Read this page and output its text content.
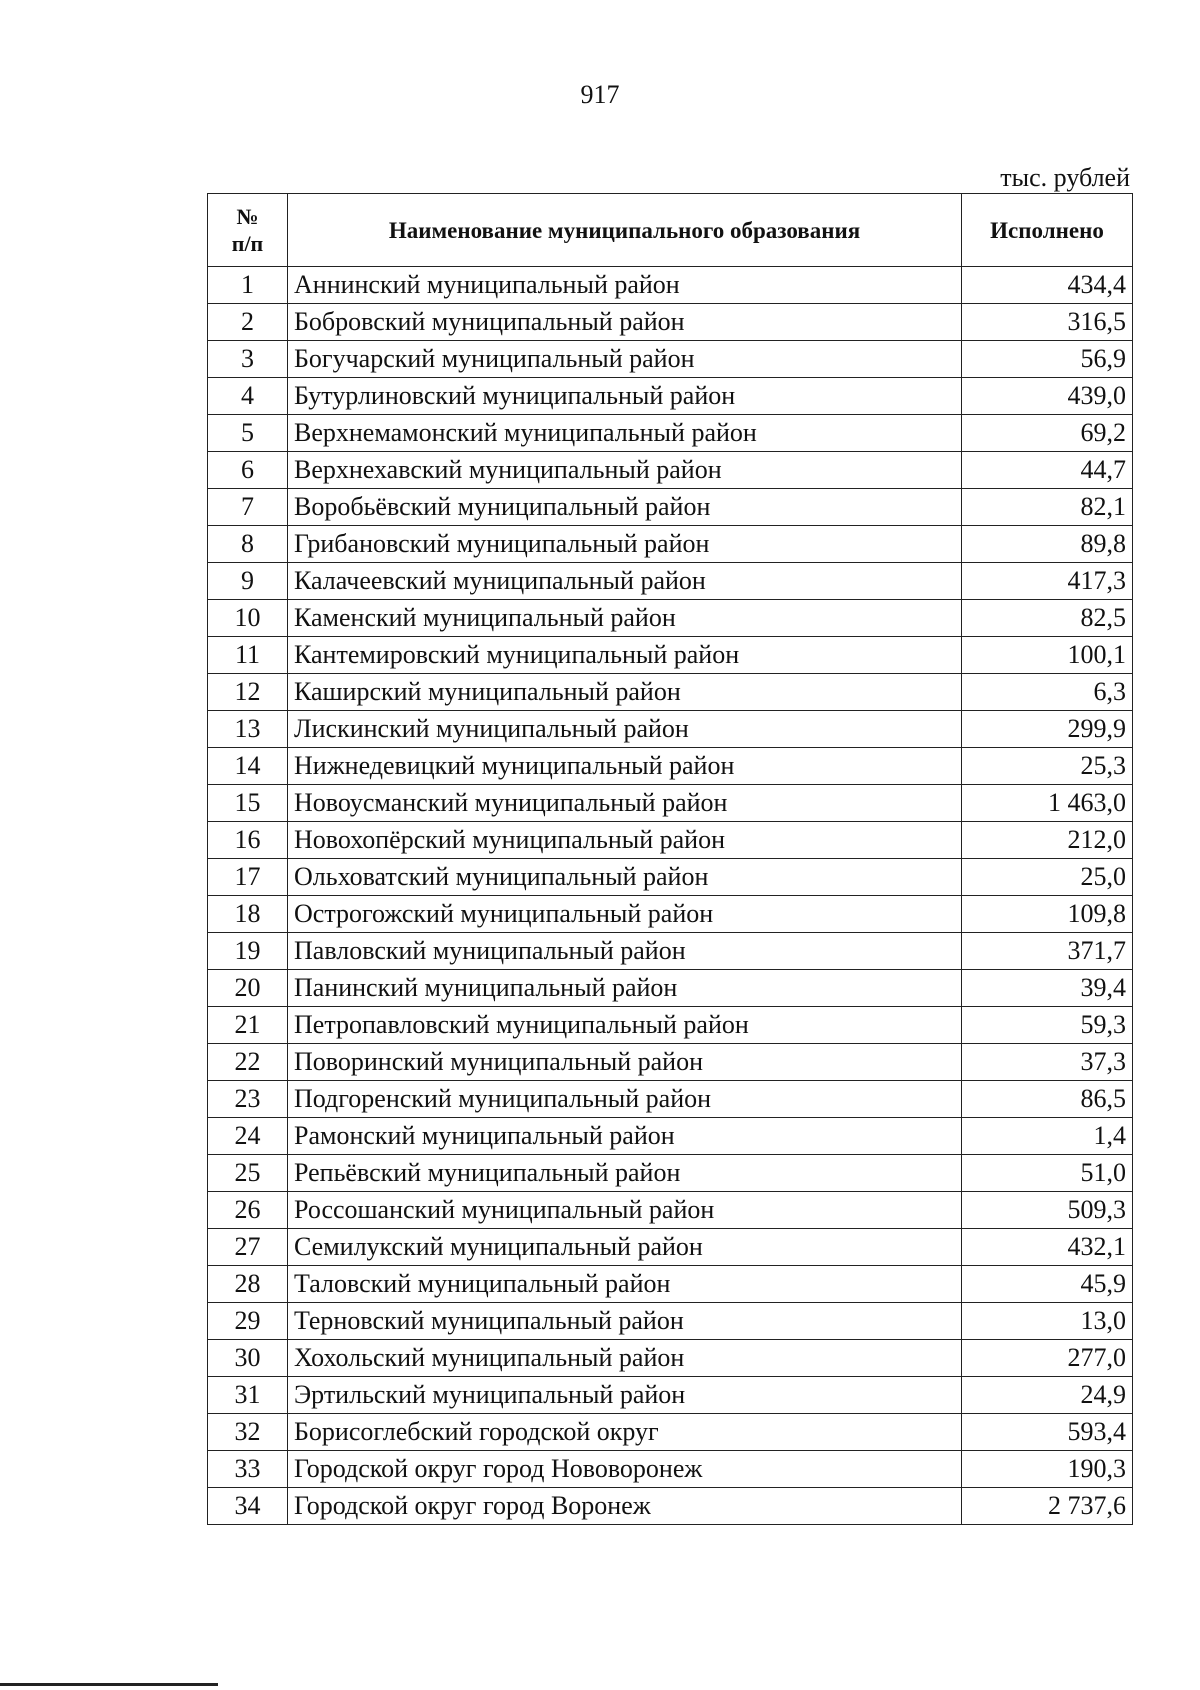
917
тыс. рублей
№
п/п	Наименование муниципального образования	Исполнено
1	Аннинский муниципальный район	434,4
2	Бобровский муниципальный район	316,5
3	Богучарский муниципальный район	56,9
4	Бутурлиновский муниципальный район	439,0
5	Верхнемамонский муниципальный район	69,2
6	Верхнехавский муниципальный район	44,7
7	Воробьёвский муниципальный район	82,1
8	Грибановский муниципальный район	89,8
9	Калачеевский муниципальный район	417,3
10	Каменский муниципальный район	82,5
11	Кантемировский муниципальный район	100,1
12	Каширский муниципальный район	6,3
13	Лискинский муниципальный район	299,9
14	Нижнедевицкий муниципальный район	25,3
15	Новоусманский муниципальный район	1 463,0
16	Новохопёрский муниципальный район	212,0
17	Ольховатский муниципальный район	25,0
18	Острогожский муниципальный район	109,8
19	Павловский муниципальный район	371,7
20	Панинский муниципальный район	39,4
21	Петропавловский муниципальный район	59,3
22	Поворинский муниципальный район	37,3
23	Подгоренский муниципальный район	86,5
24	Рамонский муниципальный район	1,4
25	Репьёвский муниципальный район	51,0
26	Россошанский муниципальный район	509,3
27	Семилукский муниципальный район	432,1
28	Таловский муниципальный район	45,9
29	Терновский муниципальный район	13,0
30	Хохольский муниципальный район	277,0
31	Эртильский муниципальный район	24,9
32	Борисоглебский городской округ	593,4
33	Городской округ город Нововоронеж	190,3
34	Городской округ город Воронеж	2 737,6
